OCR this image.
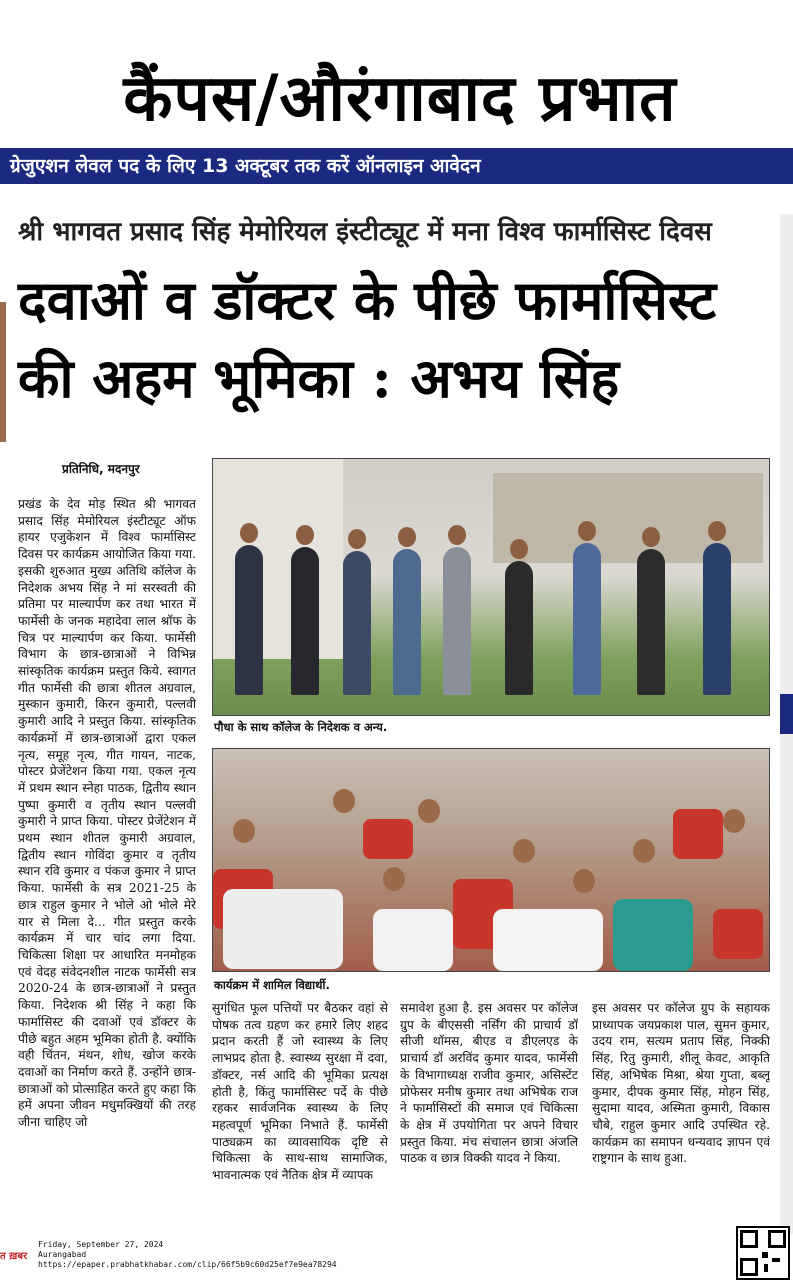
कैंपस/औरंगाबाद प्रभात
ग्रेजुएशन लेवल पद के लिए 13 अक्टूबर तक करें ऑनलाइन आवेदन
श्री भागवत प्रसाद सिंह मेमोरियल इंस्टीट्यूट में मना विश्व फार्मासिस्ट दिवस
दवाओं व डॉक्टर के पीछे फार्मासिस्ट
की अहम भूमिका : अभय सिंह
प्रतिनिधि, मदनपुर
प्रखंड के देव मोड़ स्थित श्री भागवत प्रसाद सिंह मेमोरियल इंस्टीट्यूट ऑफ हायर एजुकेशन में विश्व फार्मासिस्ट दिवस पर कार्यक्रम आयोजित किया गया. इसकी शुरुआत मुख्य अतिथि कॉलेज के निदेशक अभय सिंह ने मां सरस्वती की प्रतिमा पर माल्यार्पण कर तथा भारत में फार्मेसी के जनक महादेवा लाल श्रॉफ के चित्र पर माल्यार्पण कर किया. फार्मेसी विभाग के छात्र-छात्राओं ने विभिन्न सांस्कृतिक कार्यक्रम प्रस्तुत किये. स्वागत गीत फार्मेसी की छात्रा शीतल अग्रवाल, मुस्कान कुमारी, किरन कुमारी, पल्लवी कुमारी आदि ने प्रस्तुत किया. सांस्कृतिक कार्यक्रमों में छात्र-छात्राओं द्वारा एकल नृत्य, समूह नृत्य, गीत गायन, नाटक, पोस्टर प्रेजेंटेशन किया गया. एकल नृत्य में प्रथम स्थान स्नेहा पाठक, द्वितीय स्थान पुष्पा कुमारी व तृतीय स्थान पल्लवी कुमारी ने प्राप्त किया. पोस्टर प्रेजेंटेशन में प्रथम स्थान शीतल कुमारी अग्रवाल, द्वितीय स्थान गोविंदा कुमार व तृतीय स्थान रवि कुमार व पंकज कुमार ने प्राप्त किया. फार्मेसी के सत्र 2021-25 के छात्र राहुल कुमार ने भोले ओ भोले मेरे यार से मिला दे... गीत प्रस्तुत करके कार्यक्रम में चार चांद लगा दिया. चिकित्सा शिक्षा पर आधारित मनमोहक एवं वेदह संवेदनशील नाटक फार्मेसी सत्र 2020-24 के छात्र-छात्राओं ने प्रस्तुत किया. निदेशक श्री सिंह ने कहा कि फार्मासिस्ट की दवाओं एवं डॉक्टर के पीछे बहुत अहम भूमिका होती है. क्योंकि वही चिंतन, मंथन, शोध, खोज करके दवाओं का निर्माण करते हैं. उन्होंने छात्र-छात्राओं को प्रोत्साहित करते हुए कहा कि हमें अपना जीवन मधुमक्खियों की तरह जीना चाहिए जो
पौधा के साथ कॉलेज के निदेशक व अन्य.
कार्यक्रम में शामिल विद्यार्थी.
सुगंधित फूल पत्तियों पर बैठकर वहां से पोषक तत्व ग्रहण कर हमारे लिए शहद प्रदान करती हैं जो स्वास्थ्य के लिए लाभप्रद होता है. स्वास्थ्य सुरक्षा में दवा, डॉक्टर, नर्स आदि की भूमिका प्रत्यक्ष होती है, किंतु फार्मासिस्ट पर्दे के पीछे रहकर सार्वजनिक स्वास्थ्य के लिए महत्वपूर्ण भूमिका निभाते हैं. फार्मेसी पाठ्यक्रम का व्यावसायिक दृष्टि से चिकित्सा के साथ-साथ सामाजिक, भावनात्मक एवं नैतिक क्षेत्र में व्यापक
समावेश हुआ है. इस अवसर पर कॉलेज ग्रुप के बीएससी नर्सिंग की प्राचार्य डॉ सीजी थॉमस, बीएड व डीएलएड के प्राचार्य डॉ अरविंद कुमार यादव, फार्मेसी के विभागाध्यक्ष राजीव कुमार, असिस्टेंट प्रोफेसर मनीष कुमार तथा अभिषेक राज ने फार्मासिस्टों की समाज एवं चिकित्सा के क्षेत्र में उपयोगिता पर अपने विचार प्रस्तुत किया. मंच संचालन छात्रा अंजलि पाठक व छात्र विक्की यादव ने किया.
इस अवसर पर कॉलेज ग्रुप के सहायक प्राध्यापक जयप्रकाश पाल, सुमन कुमार, उदय राम, सत्यम प्रताप सिंह, निक्की सिंह, रितु कुमारी, शीलू केवट, आकृति सिंह, अभिषेक मिश्रा, श्रेया गुप्ता, बब्लू कुमार, दीपक कुमार सिंह, मोहन सिंह, सुदामा यादव, अस्मिता कुमारी, विकास चौबे, राहुल कुमार आदि उपस्थित रहे. कार्यक्रम का समापन धन्यवाद ज्ञापन एवं राष्ट्रगान के साथ हुआ.
त ख़बर
Friday, September 27, 2024
Aurangabad
https://epaper.prabhatkhabar.com/clip/66f5b9c60d25ef7e9ea78294
